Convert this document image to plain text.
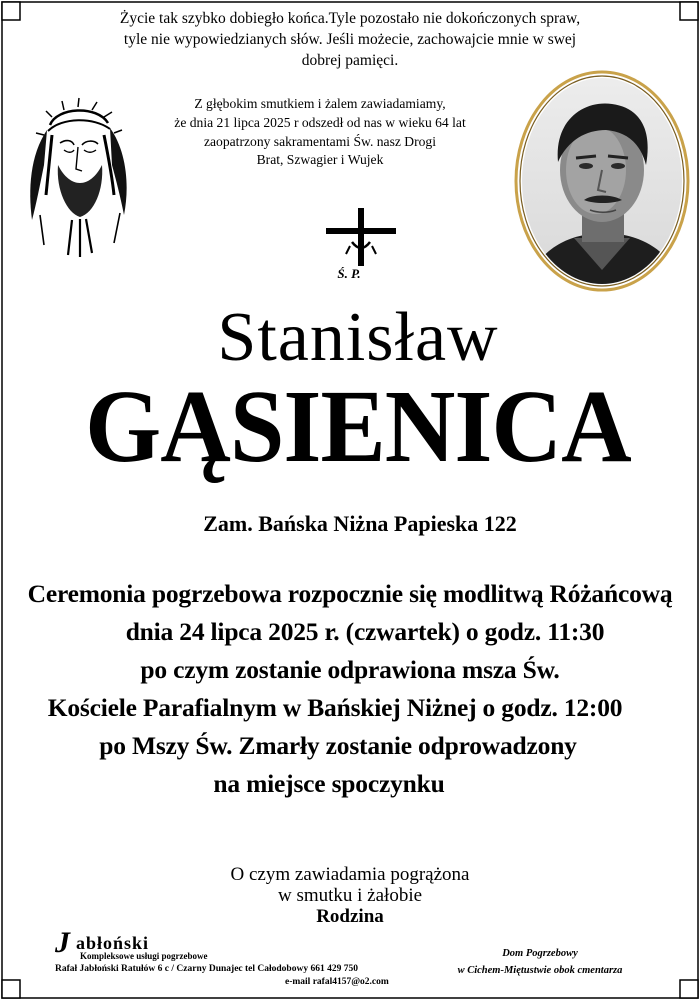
Życie tak szybko dobiegło końca.Tyle pozostało nie dokończonych spraw,
tyle nie wypowiedzianych słów. Jeśli możecie, zachowajcie mnie w swej
dobrej pamięci.
Z głębokim smutkiem i żalem zawiadamiamy,
że dnia 21 lipca 2025 r odszedł od nas w wieku 64 lat
zaopatrzony sakramentami Św. nasz Drogi
Brat, Szwagier i Wujek
Ś. P.
Stanisław
GĄSIENICA
Zam. Bańska Niżna Papieska 122
Ceremonia pogrzebowa rozpocznie się modlitwą Różańcową
dnia 24 lipca 2025 r. (czwartek) o godz. 11:30
po czym zostanie odprawiona msza Św.
Kościele Parafialnym w Bańskiej Niżnej o godz. 12:00
po Mszy Św. Zmarły zostanie odprowadzony
na miejsce spoczynku
O czym zawiadamia pogrążona
w smutku i żałobie
Rodzina
J abłoński
Kompleksowe usługi pogrzebowe
Rafał Jabłoński Ratułów 6 c / Czarny Dunajec tel Całodobowy 661 429 750
e-mail rafal4157@o2.com
Dom Pogrzebowy
w Cichem-Miętustwie obok cmentarza
